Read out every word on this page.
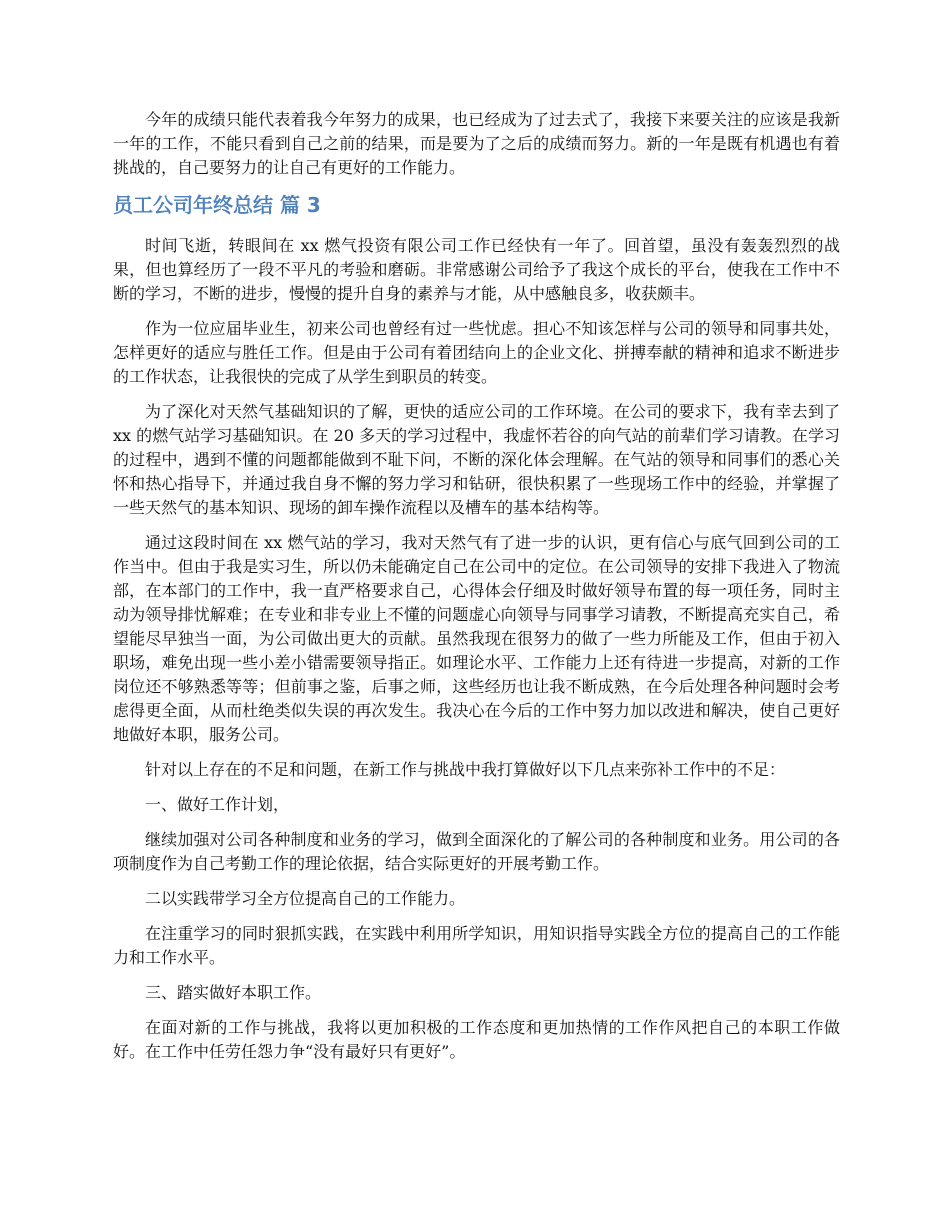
今年的成绩只能代表着我今年努力的成果，也已经成为了过去式了，我接下来要关注的应该是我新一年的工作，不能只看到自己之前的结果，而是要为了之后的成绩而努力。新的一年是既有机遇也有着挑战的，自己要努力的让自己有更好的工作能力。

员工公司年终总结 篇 3

时间飞逝，转眼间在 xx 燃气投资有限公司工作已经快有一年了。回首望，虽没有轰轰烈烈的战果，但也算经历了一段不平凡的考验和磨砺。非常感谢公司给予了我这个成长的平台，使我在工作中不断的学习，不断的进步，慢慢的提升自身的素养与才能，从中感触良多，收获颇丰。

作为一位应届毕业生，初来公司也曾经有过一些忧虑。担心不知该怎样与公司的领导和同事共处，怎样更好的适应与胜任工作。但是由于公司有着团结向上的企业文化、拼搏奉献的精神和追求不断进步的工作状态，让我很快的完成了从学生到职员的转变。

为了深化对天然气基础知识的了解，更快的适应公司的工作环境。在公司的要求下，我有幸去到了 xx 的燃气站学习基础知识。在 20 多天的学习过程中，我虚怀若谷的向气站的前辈们学习请教。在学习的过程中，遇到不懂的问题都能做到不耻下问，不断的深化体会理解。在气站的领导和同事们的悉心关怀和热心指导下，并通过我自身不懈的努力学习和钻研，很快积累了一些现场工作中的经验，并掌握了一些天然气的基本知识、现场的卸车操作流程以及槽车的基本结构等。

通过这段时间在 xx 燃气站的学习，我对天然气有了进一步的认识，更有信心与底气回到公司的工作当中。但由于我是实习生，所以仍未能确定自己在公司中的定位。在公司领导的安排下我进入了物流部，在本部门的工作中，我一直严格要求自己，心得体会仔细及时做好领导布置的每一项任务，同时主动为领导排忧解难；在专业和非专业上不懂的问题虚心向领导与同事学习请教，不断提高充实自己，希望能尽早独当一面，为公司做出更大的贡献。虽然我现在很努力的做了一些力所能及工作，但由于初入职场，难免出现一些小差小错需要领导指正。如理论水平、工作能力上还有待进一步提高，对新的工作岗位还不够熟悉等等；但前事之鉴，后事之师，这些经历也让我不断成熟，在今后处理各种问题时会考虑得更全面，从而杜绝类似失误的再次发生。我决心在今后的工作中努力加以改进和解决，使自己更好地做好本职，服务公司。

针对以上存在的不足和问题，在新工作与挑战中我打算做好以下几点来弥补工作中的不足：

一、做好工作计划，

继续加强对公司各种制度和业务的学习，做到全面深化的了解公司的各种制度和业务。用公司的各项制度作为自己考勤工作的理论依据，结合实际更好的开展考勤工作。

二以实践带学习全方位提高自己的工作能力。

在注重学习的同时狠抓实践，在实践中利用所学知识，用知识指导实践全方位的提高自己的工作能力和工作水平。

三、踏实做好本职工作。

在面对新的工作与挑战，我将以更加积极的工作态度和更加热情的工作作风把自己的本职工作做好。在工作中任劳任怨力争“没有最好只有更好”。
